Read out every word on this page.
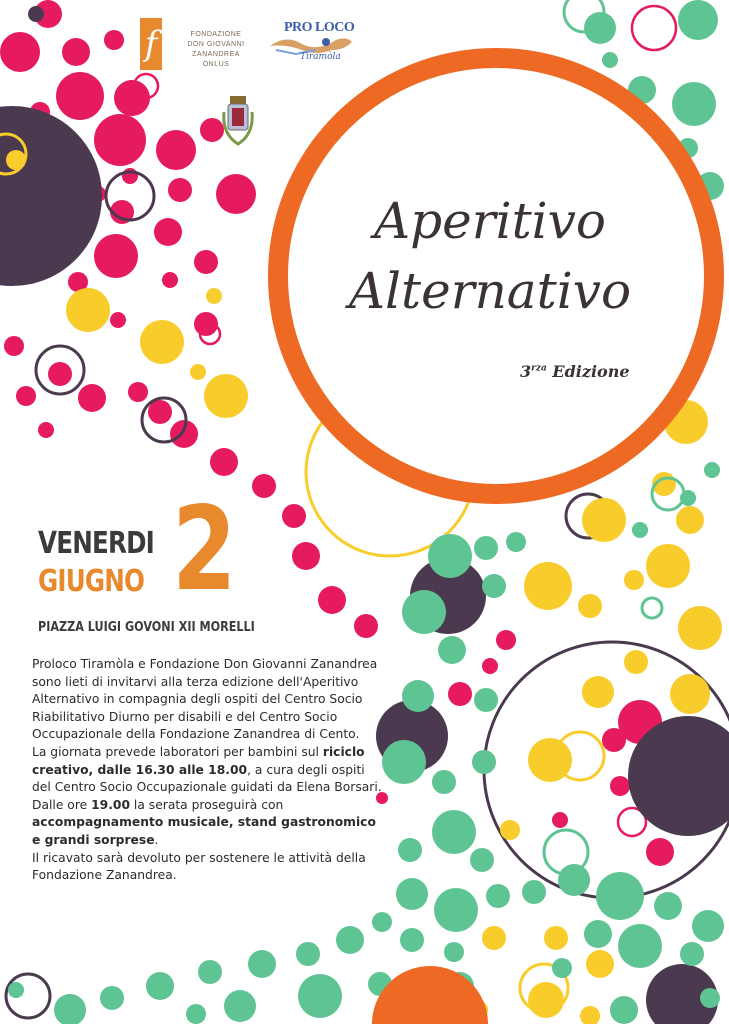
f	FONDAZIONE
DON GIOVANNI ZANANDREA
ONLUS
PRO LOCO
Tiramòla
Aperitivo
Alternativo
$3^{rza}$ Edizione
VENERDI
GIUGNO 2
PIAZZA LUIGI GOVONI XII MORELLI

Proloco Tiramòla e Fondazione Don Giovanni Zanandrea sono lieti di invitarvi alla terza edizione dell'Aperitivo Alternativo in compagnia degli ospiti del Centro Socio Riabilitativo Diurno per disabili e del Centro Socio Occupazionale della Fondazione Zanandrea di Cento.

La giornata prevede laboratori per bambini sul riciclo creativo, dalle 16.30 alle 18.00, a cura degli ospiti del Centro Socio Occupazionale guidati da Elena Borsari.

Dalle ore 19.00 la serata proseguirà con accompagnamento musicale, stand gastronomico e grandi sorprese.

Il ricavato sarà devoluto per sostenere le attività della Fondazione Zanandrea.
